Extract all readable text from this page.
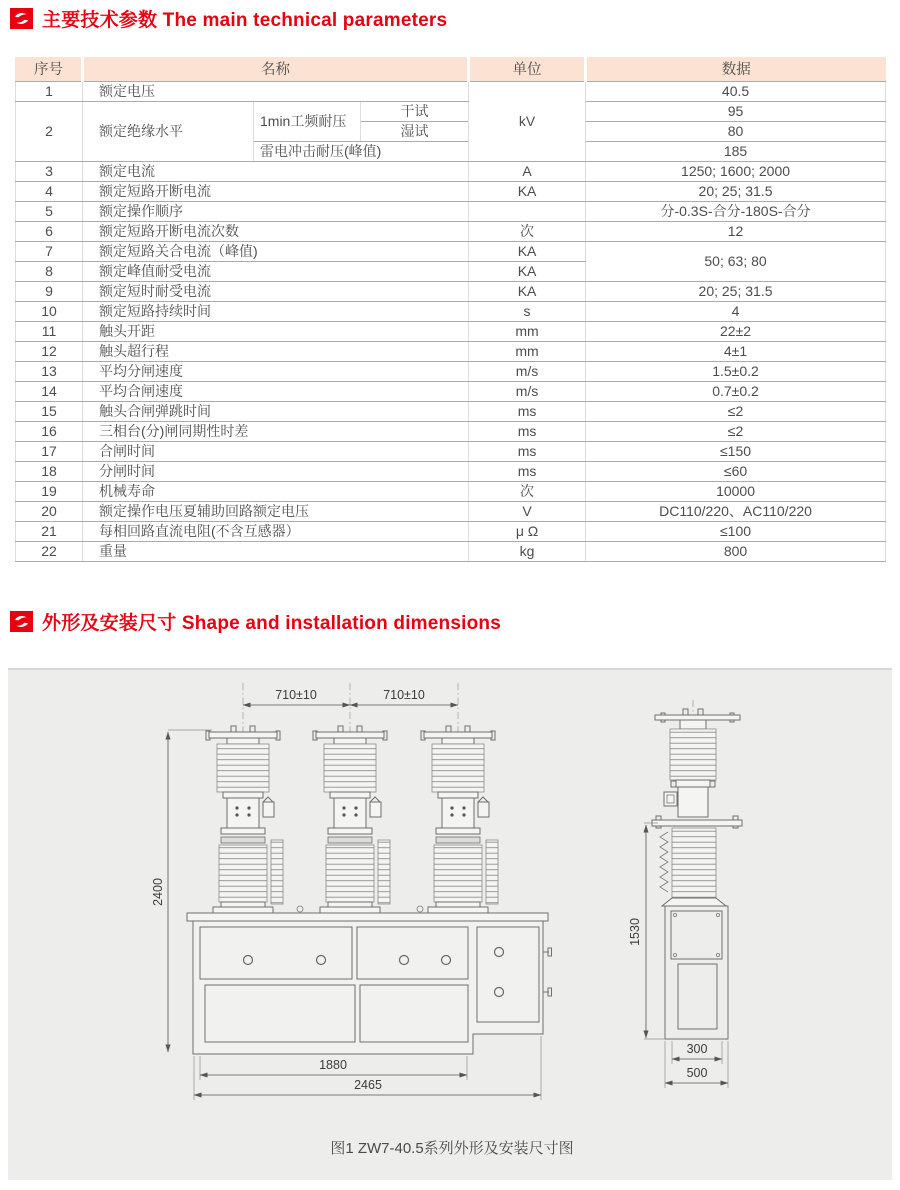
主要技术参数 The main technical parameters
序号	名称			单位	数据
1	额定电压			kV	40.5
2	额定绝缘水平	1min工频耐压	干试		95
			湿试		80
		雷电冲击耐压(峰值)			185
3	额定电流			A	1250; 1600; 2000
4	额定短路开断电流			KA	20; 25; 31.5
5	额定操作顺序				分-0.3S-合分-180S-合分
6	额定短路开断电流次数			次	12
7	额定短路关合电流（峰值)			KA	50; 63; 80
8	额定峰值耐受电流			KA	
9	额定短时耐受电流			KA	20; 25; 31.5
10	额定短路持续时间			s	4
11	触头开距			mm	22±2
12	触头超行程			mm	4±1
13	平均分闸速度			m/s	1.5±0.2
14	平均合闸速度			m/s	0.7±0.2
15	触头合闸弹跳时间			ms	≤2
16	三相台(分)闸同期性时差			ms	≤2
17	合闸时间			ms	≤150
18	分闸时间			ms	≤60
19	机械寿命			次	10000
20	额定操作电压夏辅助回路额定电压			V	DC110/220、AC110/220
21	每相回路直流电阻(不含互感器）			μ Ω	≤100
22	重量			kg	800
外形及安装尺寸 Shape and installation dimensions
710±10	710±10
2400
1880
2465
1530
300
500
图1 ZW7-40.5系列外形及安装尺寸图
